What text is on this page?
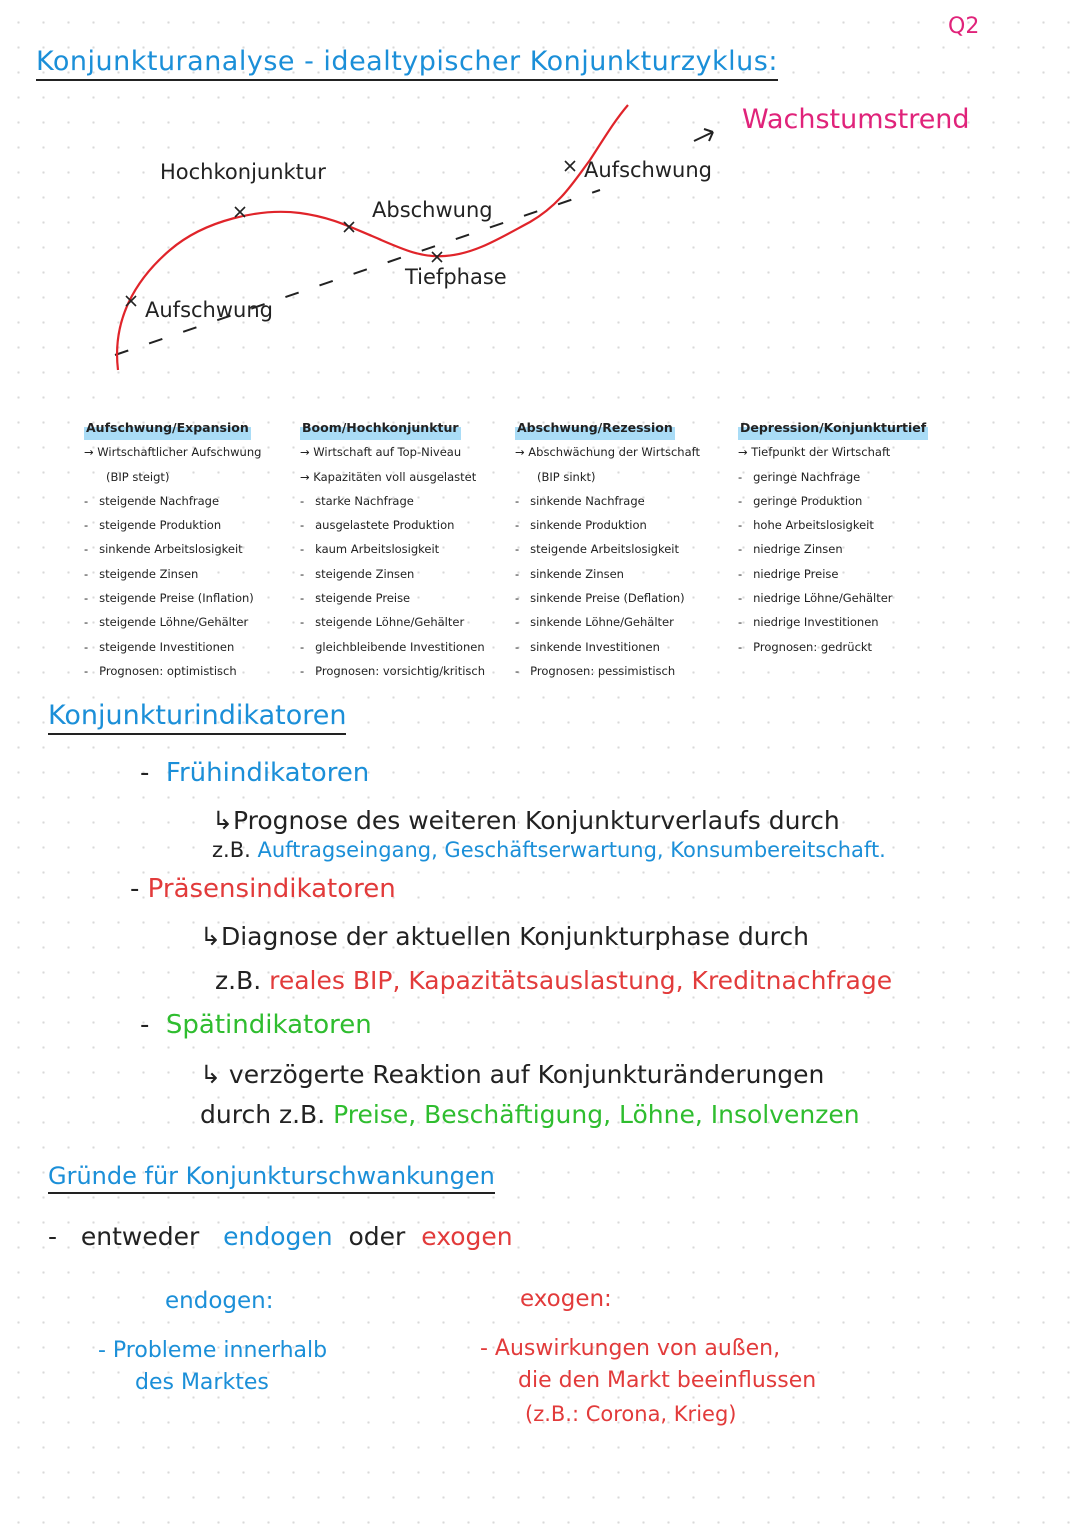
Q2
Konjunkturanalyse - idealtypischer Konjunkturzyklus:
Wachstumstrend
Hochkonjunktur
Abschwung
Tiefphase
Aufschwung
Aufschwung
Aufschwung/Expansion
→ Wirtschaftlicher Aufschwung
(BIP steigt)
-   steigende Nachfrage
-   steigende Produktion
-   sinkende Arbeitslosigkeit
-   steigende Zinsen
-   steigende Preise (Inflation)
-   steigende Löhne/Gehälter
-   steigende Investitionen
-   Prognosen: optimistisch
Boom/Hochkonjunktur
→ Wirtschaft auf Top-Niveau
→ Kapazitäten voll ausgelastet
-   starke Nachfrage
-   ausgelastete Produktion
-   kaum Arbeitslosigkeit
-   steigende Zinsen
-   steigende Preise
-   steigende Löhne/Gehälter
-   gleichbleibende Investitionen
-   Prognosen: vorsichtig/kritisch
Abschwung/Rezession
→ Abschwächung der Wirtschaft
(BIP sinkt)
-   sinkende Nachfrage
-   sinkende Produktion
-   steigende Arbeitslosigkeit
-   sinkende Zinsen
-   sinkende Preise (Deflation)
-   sinkende Löhne/Gehälter
-   sinkende Investitionen
-   Prognosen: pessimistisch
Depression/Konjunkturtief
→ Tiefpunkt der Wirtschaft
-   geringe Nachfrage
-   geringe Produktion
-   hohe Arbeitslosigkeit
-   niedrige Zinsen
-   niedrige Preise
-   niedrige Löhne/Gehälter
-   niedrige Investitionen
-   Prognosen: gedrückt
Konjunkturindikatoren
- Frühindikatoren
↳Prognose des weiteren Konjunkturverlaufs durch
z.B. Auftragseingang, Geschäftserwartung, Konsumbereitschaft.
- Präsensindikatoren
↳Diagnose der aktuellen Konjunkturphase durch
z.B. reales BIP, Kapazitätsauslastung, Kreditnachfrage
- Spätindikatoren
↳ verzögerte Reaktion auf Konjunkturänderungen
durch z.B. Preise, Beschäftigung, Löhne, Insolvenzen
Gründe für Konjunkturschwankungen
- entweder endogen oder exogen
endogen:
- Probleme innerhalb
des Marktes
exogen:
- Auswirkungen von außen,
die den Markt beeinflussen
(z.B.: Corona, Krieg)
